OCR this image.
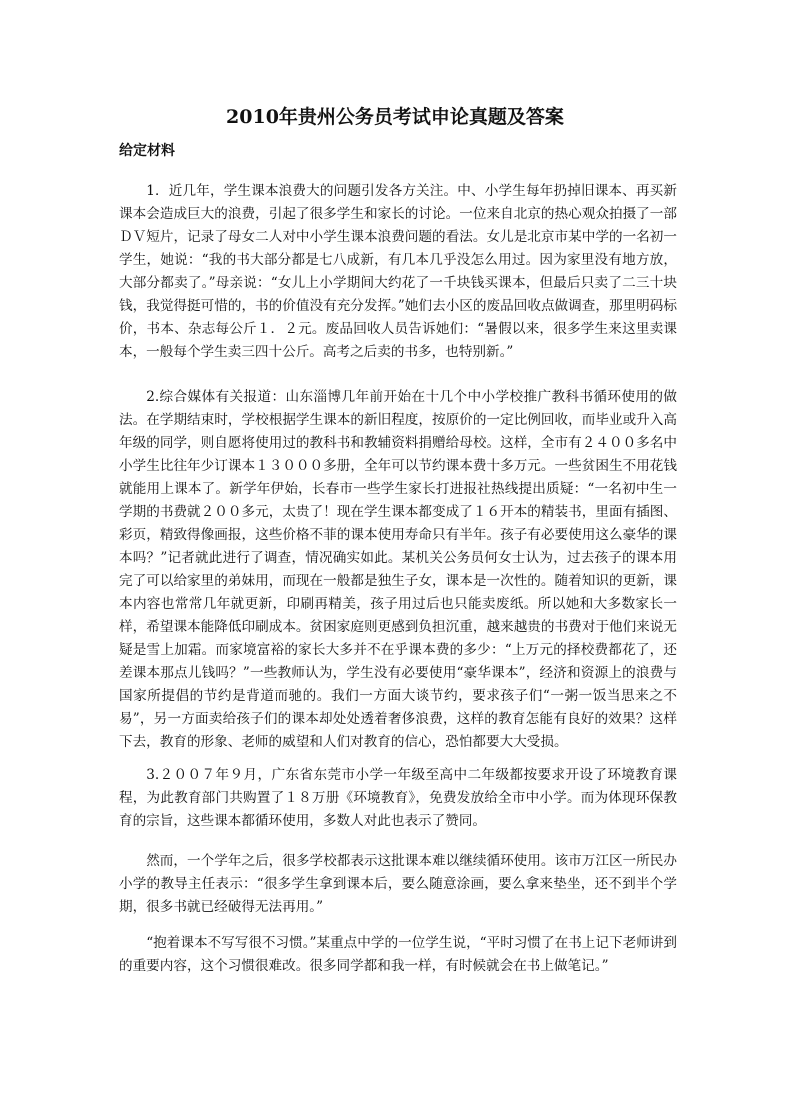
2010年贵州公务员考试申论真题及答案
给定材料

1．近几年，学生课本浪费大的问题引发各方关注。中、小学生每年扔掉旧课本、再买新课本会造成巨大的浪费，引起了很多学生和家长的讨论。一位来自北京的热心观众拍摄了一部ＤＶ短片，记录了母女二人对中小学生课本浪费问题的看法。女儿是北京市某中学的一名初一学生，她说：“我的书大部分都是七八成新，有几本几乎没怎么用过。因为家里没有地方放，大部分都卖了。”母亲说：“女儿上小学期间大约花了一千块钱买课本，但最后只卖了二三十块钱，我觉得挺可惜的，书的价值没有充分发挥。”她们去小区的废品回收点做调查，那里明码标价，书本、杂志每公斤１．２元。废品回收人员告诉她们：“暑假以来，很多学生来这里卖课本，一般每个学生卖三四十公斤。高考之后卖的书多，也特别新。”

2.综合媒体有关报道：山东淄博几年前开始在十几个中小学校推广教科书循环使用的做法。在学期结束时，学校根据学生课本的新旧程度，按原价的一定比例回收，而毕业或升入高年级的同学，则自愿将使用过的教科书和教辅资料捐赠给母校。这样，全市有２４００多名中小学生比往年少订课本１３０００多册，全年可以节约课本费十多万元。一些贫困生不用花钱就能用上课本了。新学年伊始，长春市一些学生家长打进报社热线提出质疑：“一名初中生一学期的书费就２００多元，太贵了！现在学生课本都变成了１６开本的精装书，里面有插图、彩页，精致得像画报，这些价格不菲的课本使用寿命只有半年。孩子有必要使用这么豪华的课本吗？”记者就此进行了调查，情况确实如此。某机关公务员何女士认为，过去孩子的课本用完了可以给家里的弟妹用，而现在一般都是独生子女，课本是一次性的。随着知识的更新，课本内容也常常几年就更新，印刷再精美，孩子用过后也只能卖废纸。所以她和大多数家长一样，希望课本能降低印刷成本。贫困家庭则更感到负担沉重，越来越贵的书费对于他们来说无疑是雪上加霜。而家境富裕的家长大多并不在乎课本费的多少：“上万元的择校费都花了，还差课本那点儿钱吗？”一些教师认为，学生没有必要使用“豪华课本”，经济和资源上的浪费与国家所提倡的节约是背道而驰的。我们一方面大谈节约，要求孩子们“一粥一饭当思来之不易”，另一方面卖给孩子们的课本却处处透着奢侈浪费，这样的教育怎能有良好的效果？这样下去，教育的形象、老师的威望和人们对教育的信心，恐怕都要大大受损。

3.２００７年９月，广东省东莞市小学一年级至高中二年级都按要求开设了环境教育课程，为此教育部门共购置了１８万册《环境教育》，免费发放给全市中小学。而为体现环保教育的宗旨，这些课本都循环使用，多数人对此也表示了赞同。

然而，一个学年之后，很多学校都表示这批课本难以继续循环使用。该市万江区一所民办小学的教导主任表示：“很多学生拿到课本后，要么随意涂画，要么拿来垫坐，还不到半个学期，很多书就已经破得无法再用。”

“抱着课本不写写很不习惯。”某重点中学的一位学生说，“平时习惯了在书上记下老师讲到的重要内容，这个习惯很难改。很多同学都和我一样，有时候就会在书上做笔记。”
